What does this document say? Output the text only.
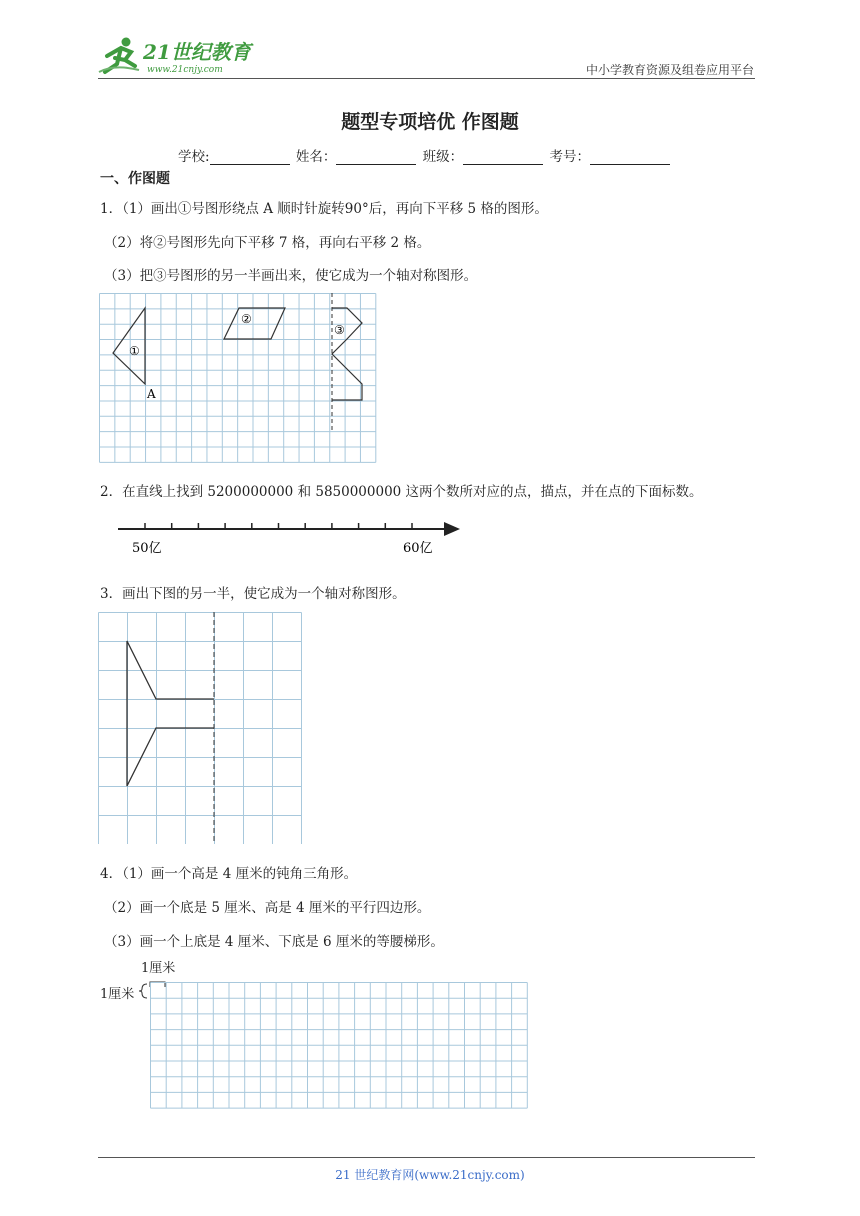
21世纪教育
www.21cnjy.com	中小学教育资源及组卷应用平台
题型专项培优 作图题
学校:	姓名：	班级：	考号：
一、作图题
1．（1）画出①号图形绕点 A 顺时针旋转90°后，再向下平移 5 格的图形。
（2）将②号图形先向下平移 7 格，再向右平移 2 格。
（3）把③号图形的另一半画出来，使它成为一个轴对称图形。
①
A
②
③
2．在直线上找到 5200000000 和 5850000000 这两个数所对应的点，描点，并在点的下面标数。
50亿	60亿
3．画出下图的另一半，使它成为一个轴对称图形。
4．（1）画一个高是 4 厘米的钝角三角形。
（2）画一个底是 5 厘米、高是 4 厘米的平行四边形。
（3）画一个上底是 4 厘米、下底是 6 厘米的等腰梯形。
1厘米
1厘米
21 世纪教育网(www.21cnjy.com)
